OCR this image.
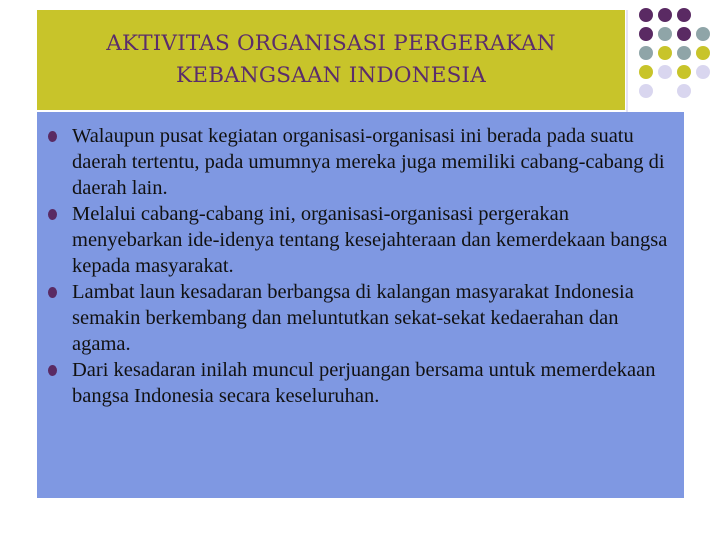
AKTIVITAS ORGANISASI PERGERAKAN
KEBANGSAAN INDONESIA
Walaupun pusat kegiatan organisasi-organisasi ini berada pada suatu daerah tertentu, pada umumnya mereka juga memiliki cabang-cabang di daerah lain.
Melalui cabang-cabang ini, organisasi-organisasi pergerakan menyebarkan ide-idenya tentang kesejahteraan dan kemerdekaan bangsa kepada masyarakat.
Lambat laun kesadaran berbangsa di kalangan masyarakat Indonesia semakin berkembang dan meluntutkan sekat-sekat kedaerahan dan agama.
Dari kesadaran inilah muncul perjuangan bersama untuk memerdekaan bangsa Indonesia secara keseluruhan.
